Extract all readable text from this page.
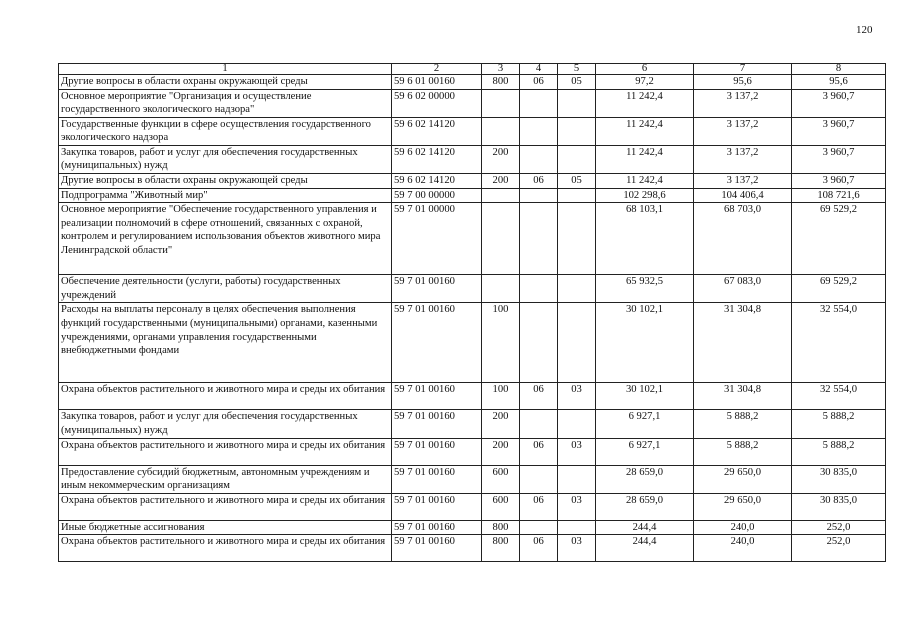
120
1	2	3	4	5	6	7	8
Другие вопросы в области охраны окружающей среды	59 6 01 00160	800	06	05	97,2	95,6	95,6
Основное мероприятие "Организация и осуществление государственного экологического надзора"	59 6 02 00000				11 242,4	3 137,2	3 960,7
Государственные функции в сфере осуществления государственного экологического надзора	59 6 02 14120				11 242,4	3 137,2	3 960,7
Закупка товаров, работ и услуг для обеспечения государственных (муниципальных) нужд	59 6 02 14120	200			11 242,4	3 137,2	3 960,7
Другие вопросы в области охраны окружающей среды	59 6 02 14120	200	06	05	11 242,4	3 137,2	3 960,7
Подпрограмма "Животный мир"	59 7 00 00000				102 298,6	104 406,4	108 721,6
Основное мероприятие "Обеспечение государственного управления и реализации полномочий в сфере отношений, связанных с охраной, контролем и регулированием использования объектов животного мира Ленинградской области"	59 7 01 00000				68 103,1	68 703,0	69 529,2
Обеспечение деятельности (услуги, работы) государственных учреждений	59 7 01 00160				65 932,5	67 083,0	69 529,2
Расходы на выплаты персоналу в целях обеспечения выполнения функций государственными (муниципальными) органами, казенными учреждениями, органами управления государственными внебюджетными фондами	59 7 01 00160	100			30 102,1	31 304,8	32 554,0
Охрана объектов растительного и животного мира и среды их обитания	59 7 01 00160	100	06	03	30 102,1	31 304,8	32 554,0
Закупка товаров, работ и услуг для обеспечения государственных (муниципальных) нужд	59 7 01 00160	200			6 927,1	5 888,2	5 888,2
Охрана объектов растительного и животного мира и среды их обитания	59 7 01 00160	200	06	03	6 927,1	5 888,2	5 888,2
Предоставление субсидий бюджетным, автономным учреждениям и иным некоммерческим организациям	59 7 01 00160	600			28 659,0	29 650,0	30 835,0
Охрана объектов растительного и животного мира и среды их обитания	59 7 01 00160	600	06	03	28 659,0	29 650,0	30 835,0
Иные бюджетные ассигнования	59 7 01 00160	800			244,4	240,0	252,0
Охрана объектов растительного и животного мира и среды их обитания	59 7 01 00160	800	06	03	244,4	240,0	252,0
